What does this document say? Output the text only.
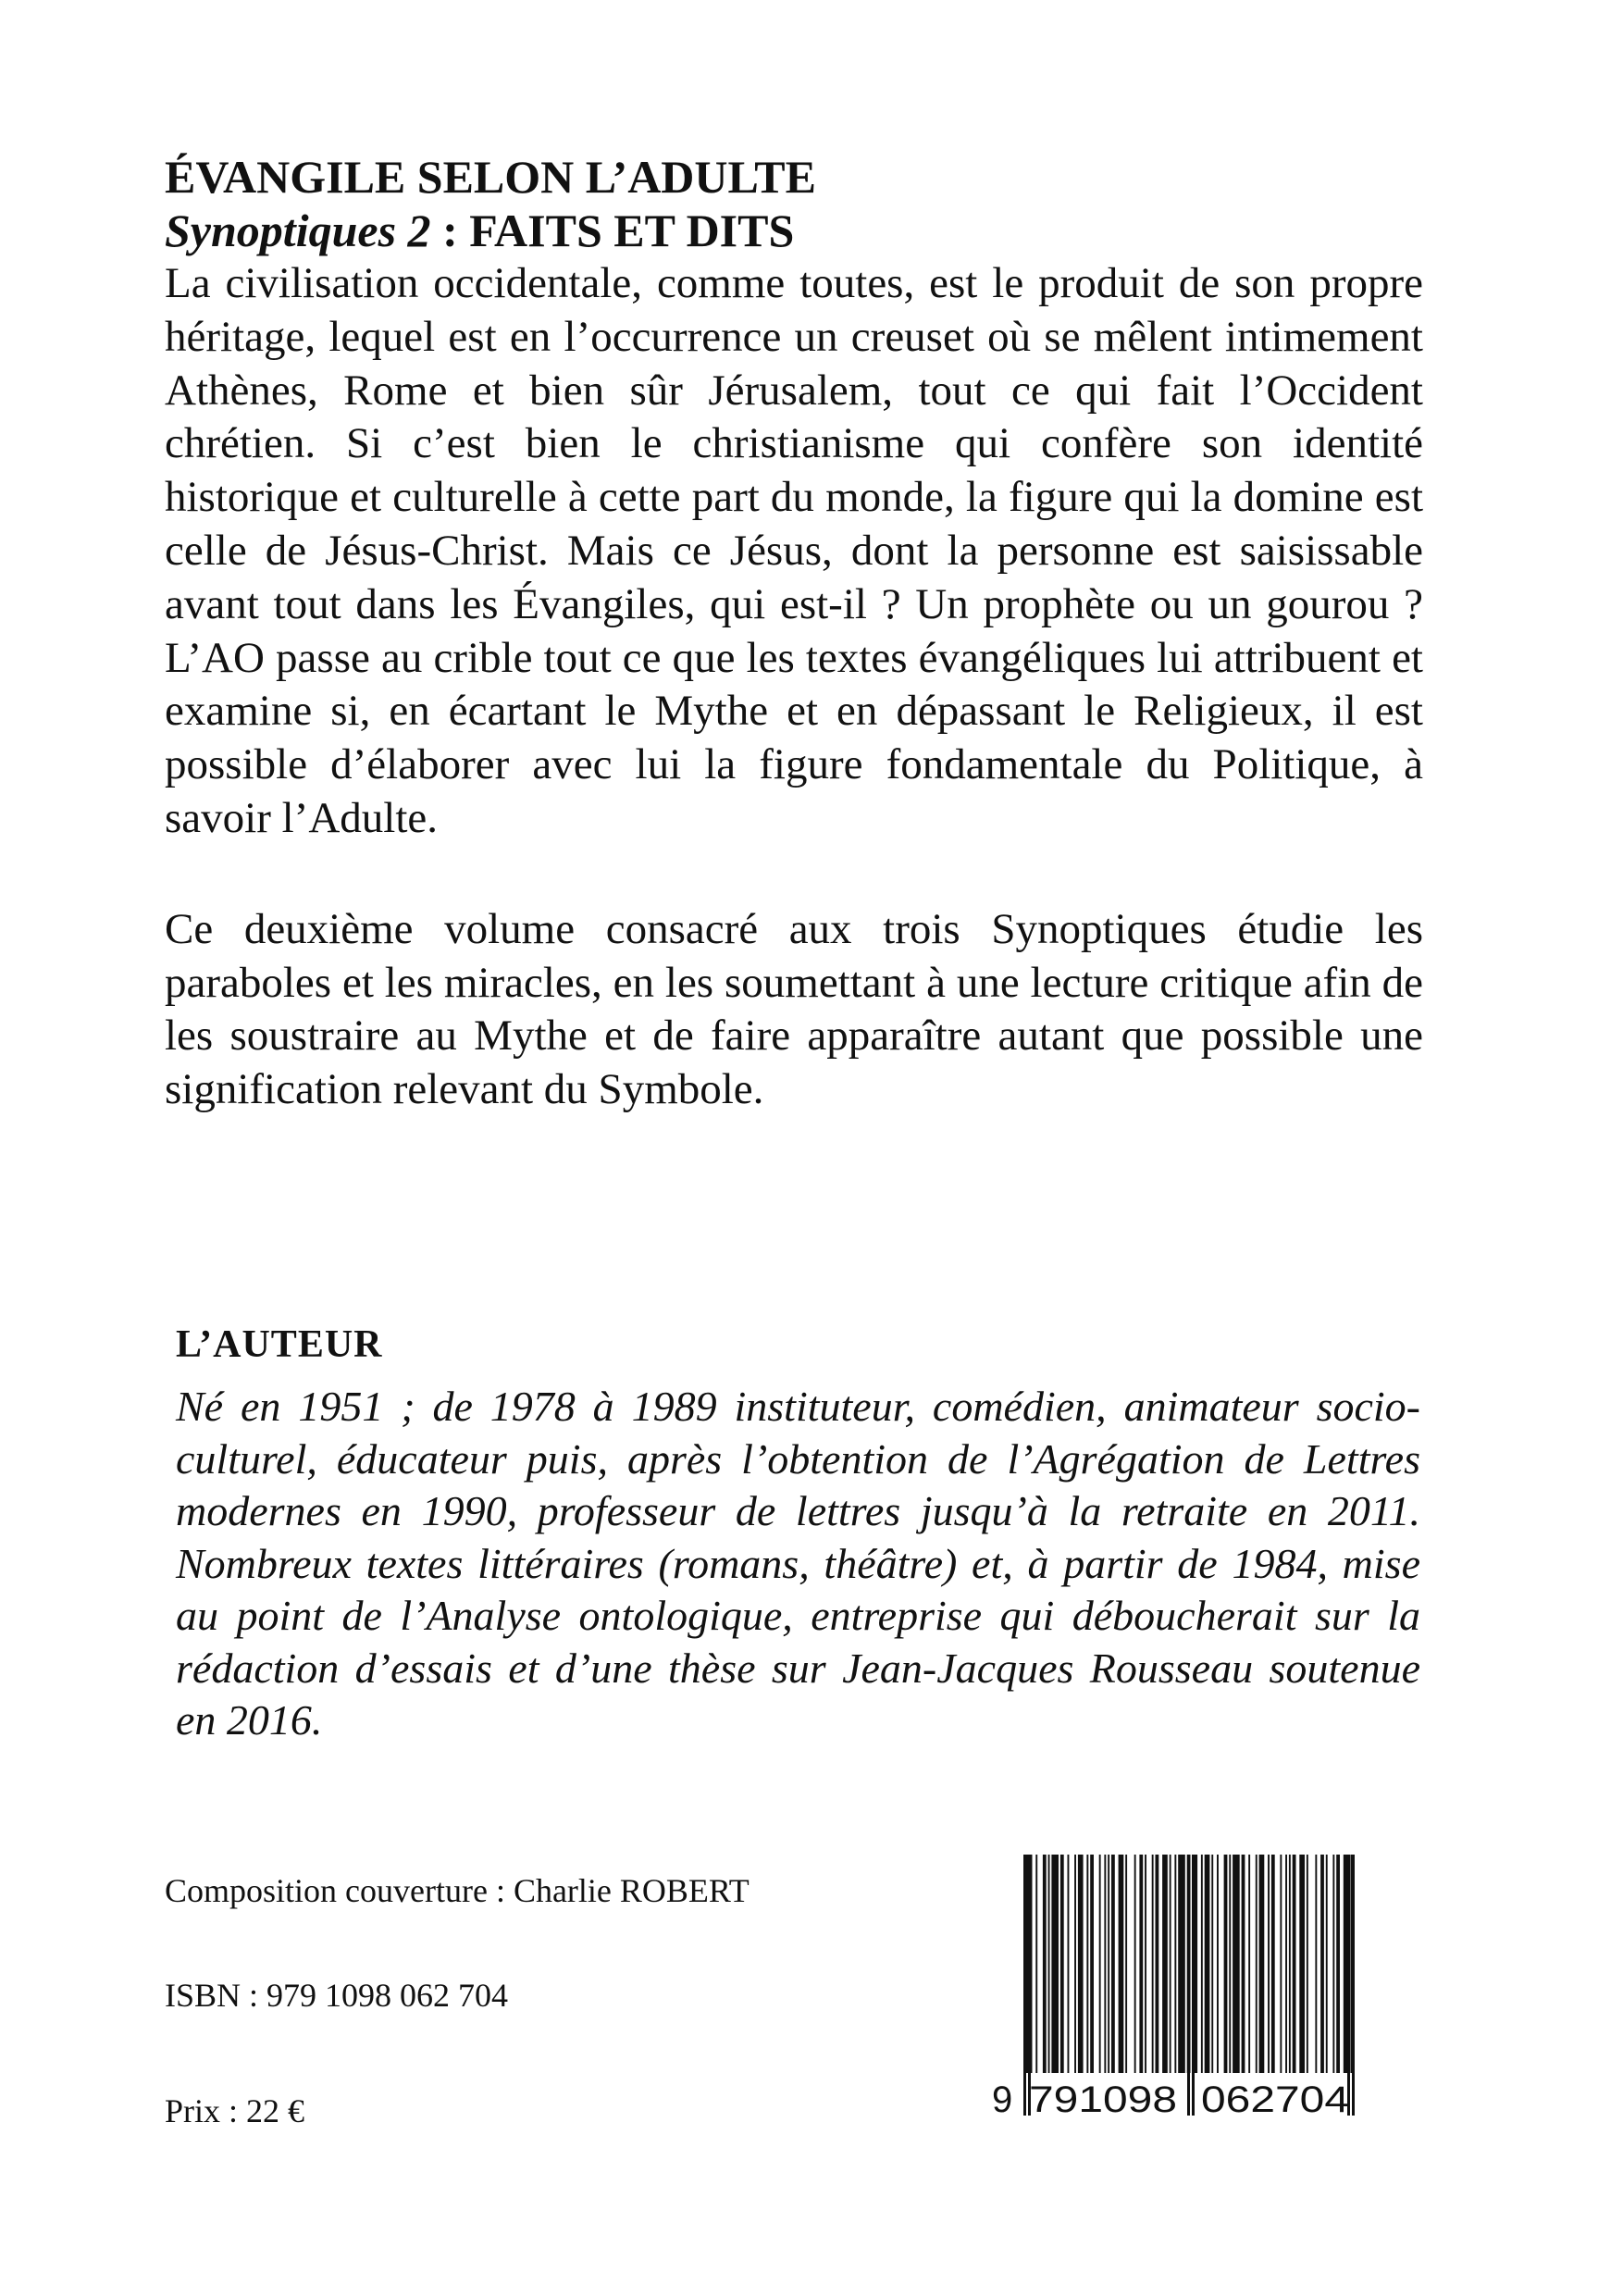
ÉVANGILE SELON L’ADULTE

Synoptiques 2 : FAITS ET DITS

La civilisation occidentale, comme toutes, est le produit de son propre héritage, lequel est en l’occurrence un creuset où se mêlent intimement Athènes, Rome et bien sûr Jérusalem, tout ce qui fait l’Occident chrétien. Si c’est bien le christianisme qui confère son identité historique et culturelle à cette part du monde, la figure qui la domine est celle de Jésus-Christ. Mais ce Jésus, dont la personne est saisissable avant tout dans les Évangiles, qui est-il ? Un prophète ou un gourou ? L’AO passe au crible tout ce que les textes évangéliques lui attribuent et examine si, en écartant le Mythe et en dépassant le Religieux, il est possible d’élaborer avec lui la figure fondamentale du Politique, à savoir l’Adulte.

Ce deuxième volume consacré aux trois Synoptiques étudie les paraboles et les miracles, en les soumettant à une lecture critique afin de les soustraire au Mythe et de faire apparaître autant que possible une signification relevant du Symbole.

L’AUTEUR

Né en 1951 ; de 1978 à 1989 instituteur, comédien, animateur socio-culturel, éducateur puis, après l’obtention de l’Agrégation de Lettres modernes en 1990, professeur de lettres jusqu’à la retraite en 2011. Nombreux textes littéraires (romans, théâtre) et, à partir de 1984, mise au point de l’Analyse ontologique, entreprise qui déboucherait sur la rédaction d’essais et d’une thèse sur Jean-Jacques Rousseau soutenue en 2016.

Composition couverture : Charlie ROBERT

ISBN : 979 1098 062 704

Prix : 22 €	9 791098 062704
